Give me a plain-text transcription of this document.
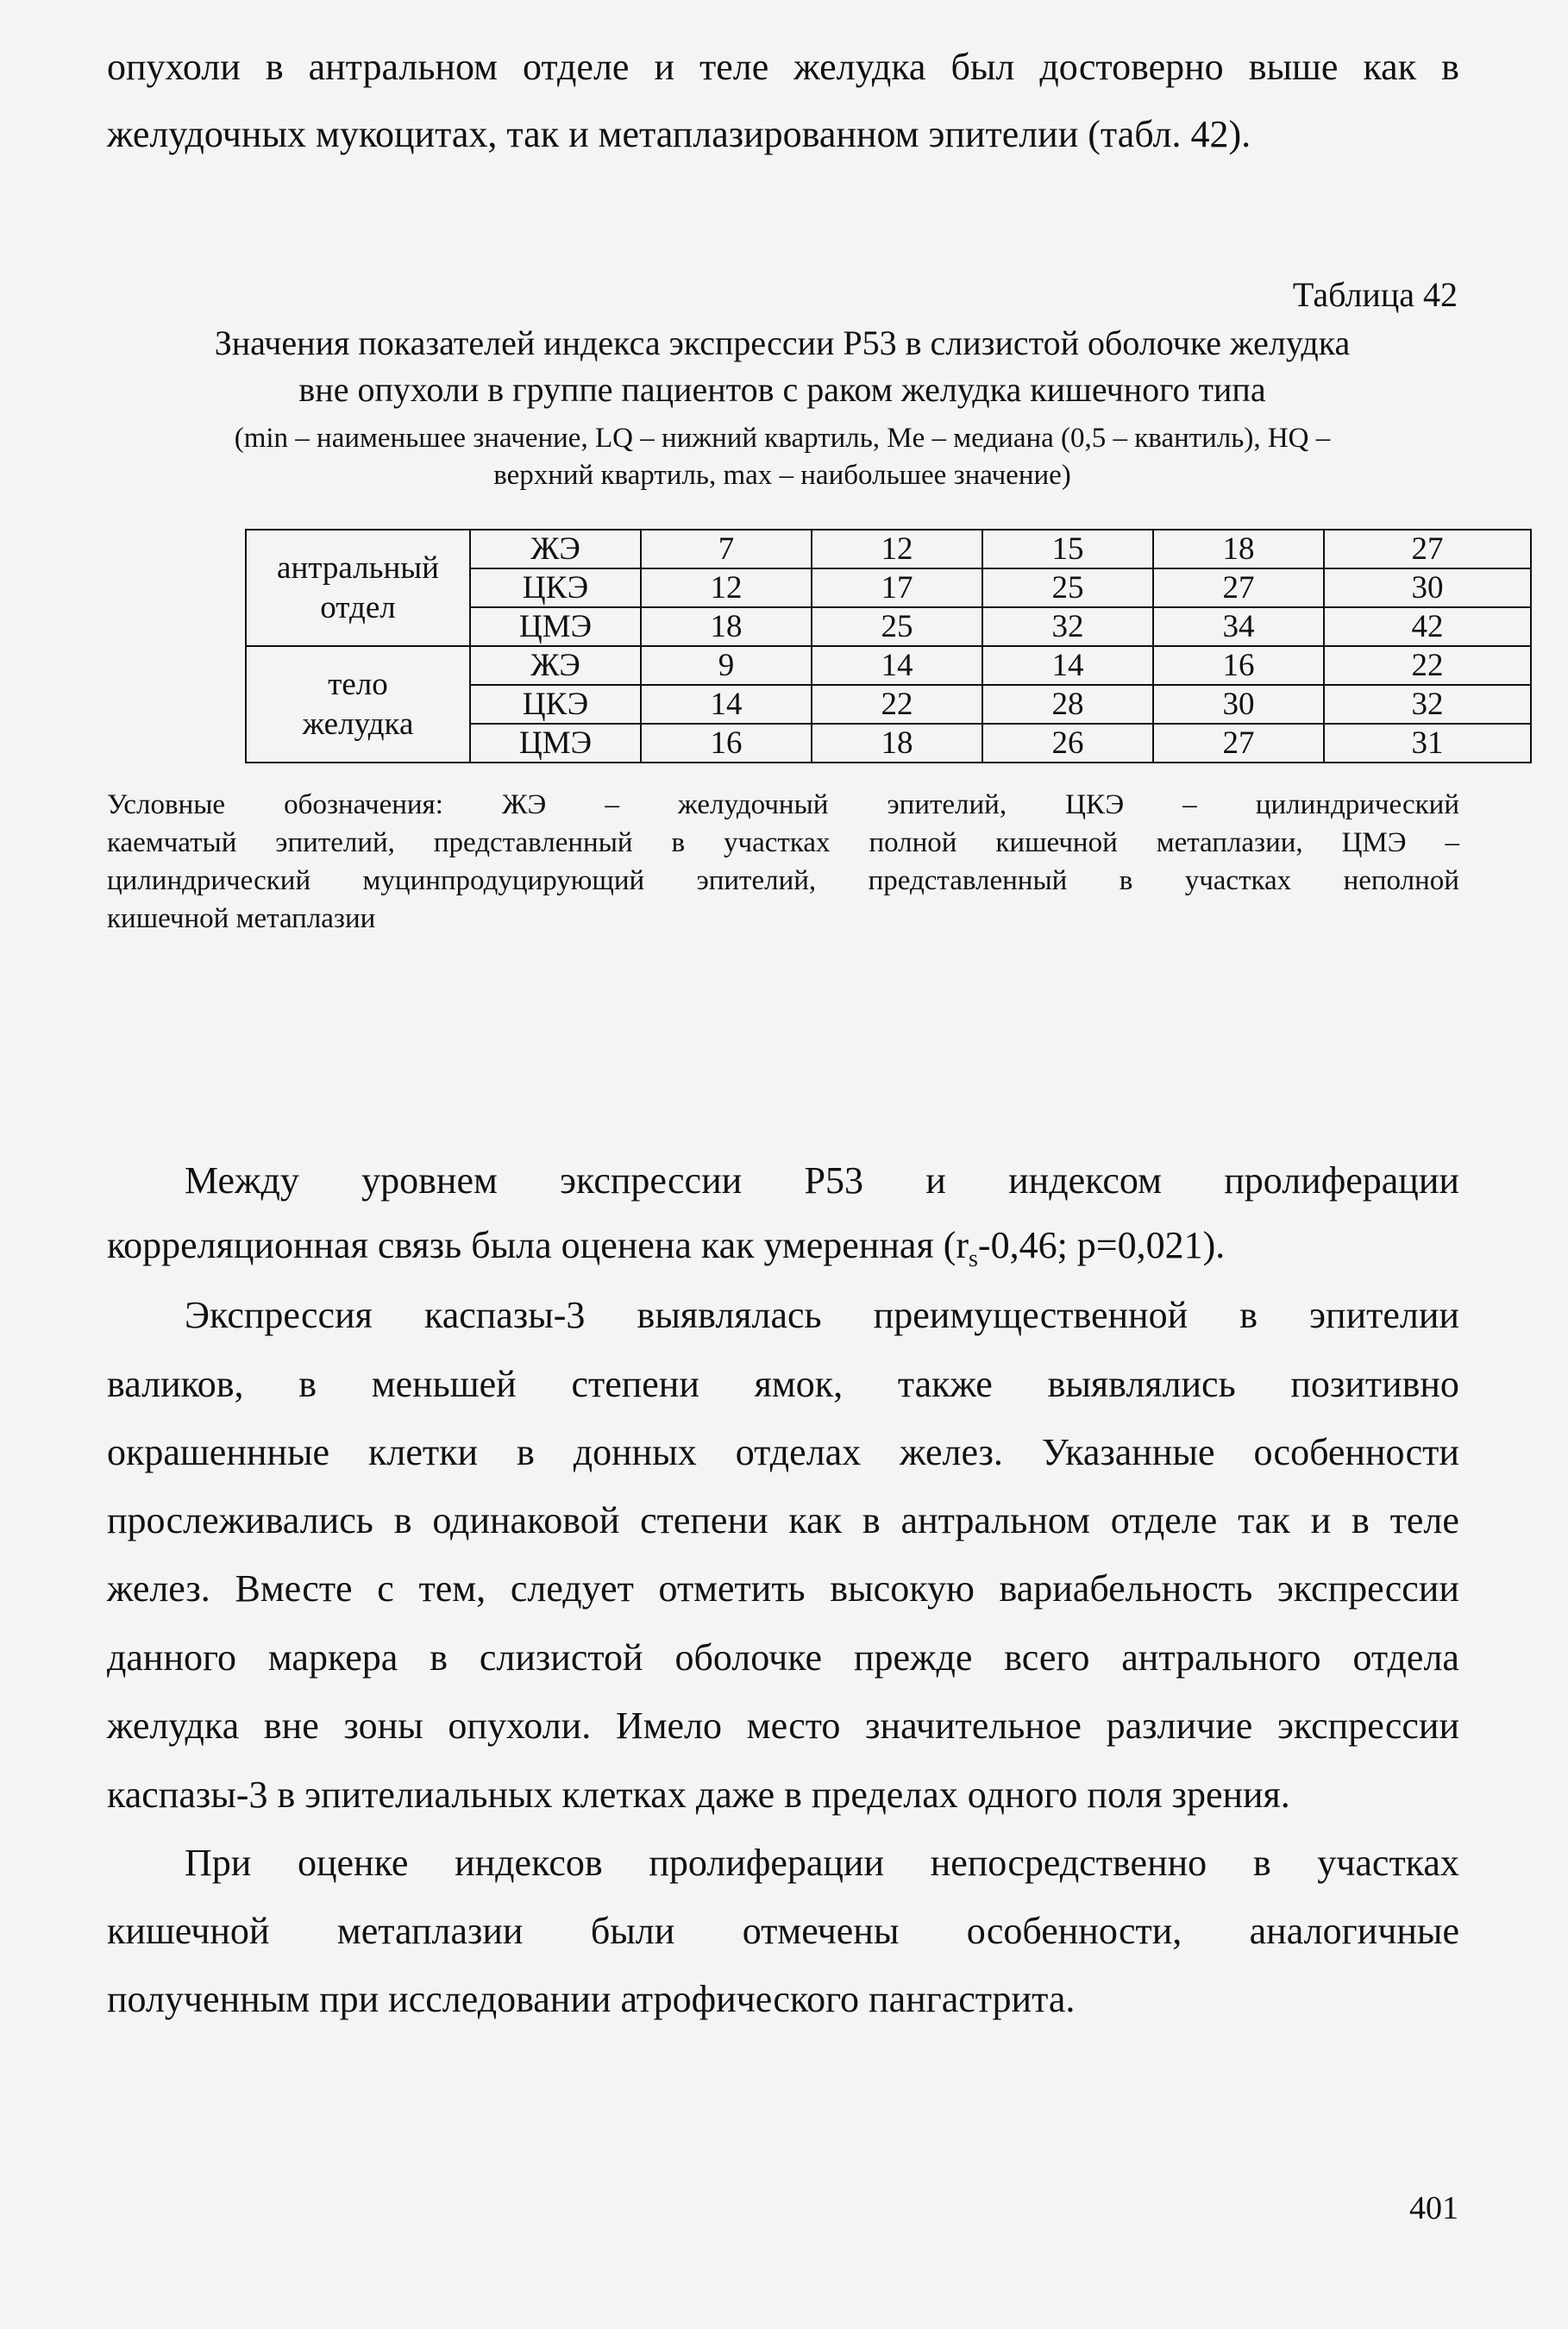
опухоли в антральном отделе и теле желудка был достоверно выше как в
желудочных мукоцитах, так и метаплазированном эпителии (табл. 42).
Таблица 42
Значения показателей индекса экспрессии P53 в слизистой оболочке желудка
вне опухоли в группе пациентов с раком желудка кишечного типа
(min – наименьшее значение, LQ – нижний квартиль, Me – медиана (0,5 – квантиль), HQ –
верхний квартиль, max – наибольшее значение)
антральный
отдел	ЖЭ	7	12	15	18	27
	ЦКЭ	12	17	25	27	30
	ЦМЭ	18	25	32	34	42

тело
желудка	ЖЭ	9	14	14	16	22
	ЦКЭ	14	22	28	30	32
	ЦМЭ	16	18	26	27	31
Условные обозначения: ЖЭ – желудочный эпителий, ЦКЭ – цилиндрический
каемчатый эпителий, представленный в участках полной кишечной метаплазии, ЦМЭ –
цилиндрический муцинпродуцирующий эпителий, представленный в участках неполной
кишечной метаплазии
Между уровнем экспрессии P53 и индексом пролиферации
корреляционная связь была оценена как умеренная ($r_s-0,46$; p=0,021).
Экспрессия каспазы-3 выявлялась преимущественной в эпителии
валиков, в меньшей степени ямок, также выявлялись позитивно
окрашеннные клетки в донных отделах желез. Указанные особенности
прослеживались в одинаковой степени как в антральном отделе так и в теле
желез. Вместе с тем, следует отметить высокую вариабельность экспрессии
данного маркера в слизистой оболочке прежде всего антрального отдела
желудка вне зоны опухоли. Имело место значительное различие экспрессии
каспазы-3 в эпителиальных клетках даже в пределах одного поля зрения.
При оценке индексов пролиферации непосредственно в участках
кишечной метаплазии были отмечены особенности, аналогичные
полученным при исследовании атрофического пангастрита.
401
